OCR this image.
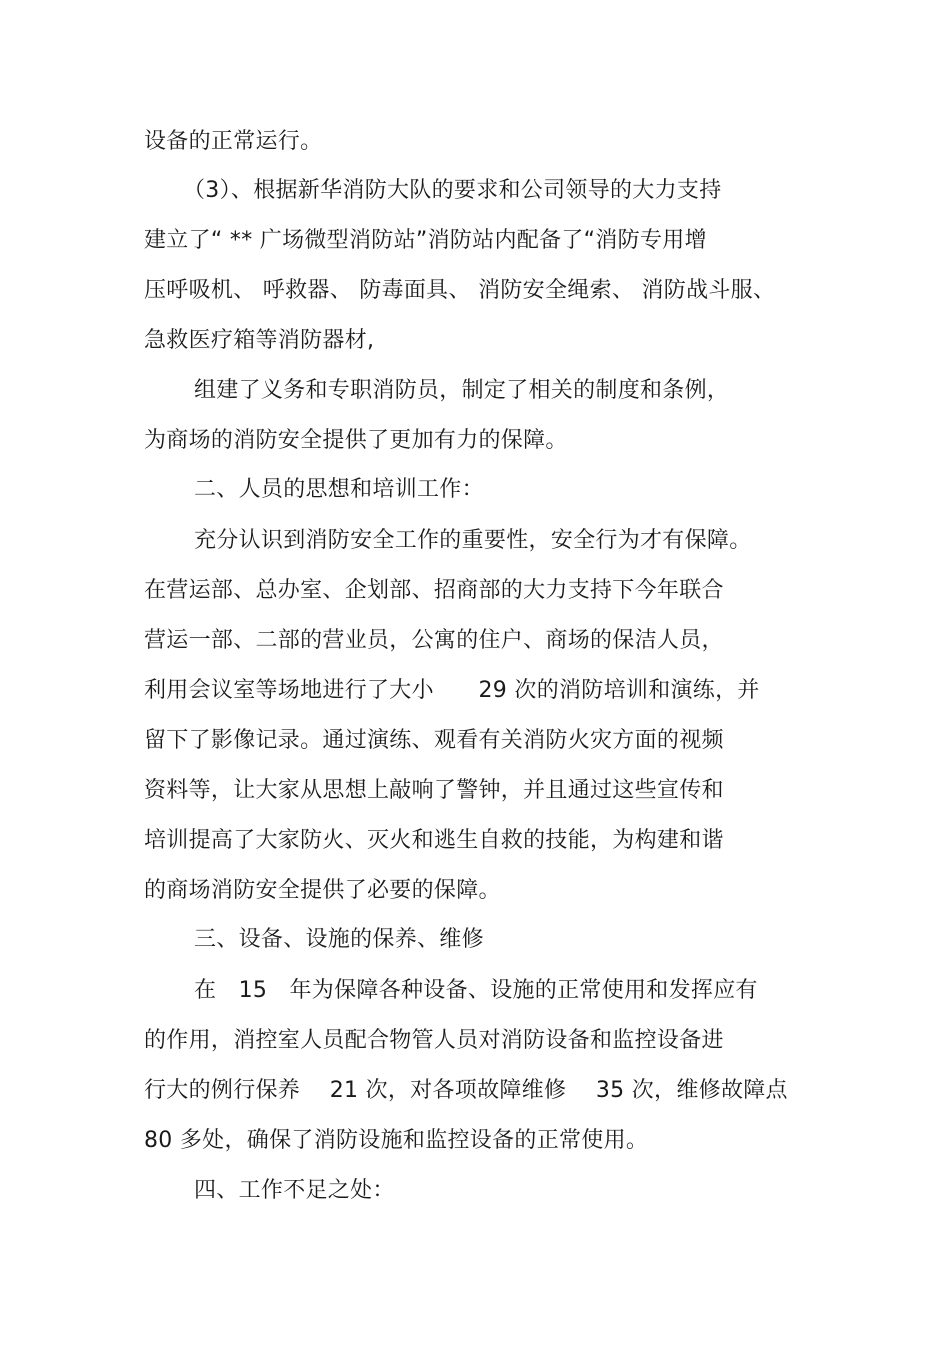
设备的正常运行。

（3）、根据新华消防大队的要求和公司领导的大力支持

建立了“ ** 广场微型消防站”消防站内配备了“消防专用增

压呼吸机、 呼救器、 防毒面具、 消防安全绳索、 消防战斗服、

急救医疗箱等消防器材,

组建了义务和专职消防员，制定了相关的制度和条例，

为商场的消防安全提供了更加有力的保障。

二、人员的思想和培训工作：

充分认识到消防安全工作的重要性，安全行为才有保障。

在营运部、总办室、企划部、招商部的大力支持下今年联合

营运一部、二部的营业员，公寓的住户、商场的保洁人员，

利用会议室等场地进行了大小　　29 次的消防培训和演练，并

留下了影像记录。通过演练、观看有关消防火灾方面的视频

资料等，让大家从思想上敲响了警钟，并且通过这些宣传和

培训提高了大家防火、灭火和逃生自救的技能，为构建和谐

的商场消防安全提供了必要的保障。

三、设备、设施的保养、维修

在　15　年为保障各种设备、设施的正常使用和发挥应有

的作用，消控室人员配合物管人员对消防设备和监控设备进

行大的例行保养　 21 次，对各项故障维修　 35 次，维修故障点

80 多处，确保了消防设施和监控设备的正常使用。

四、工作不足之处：
